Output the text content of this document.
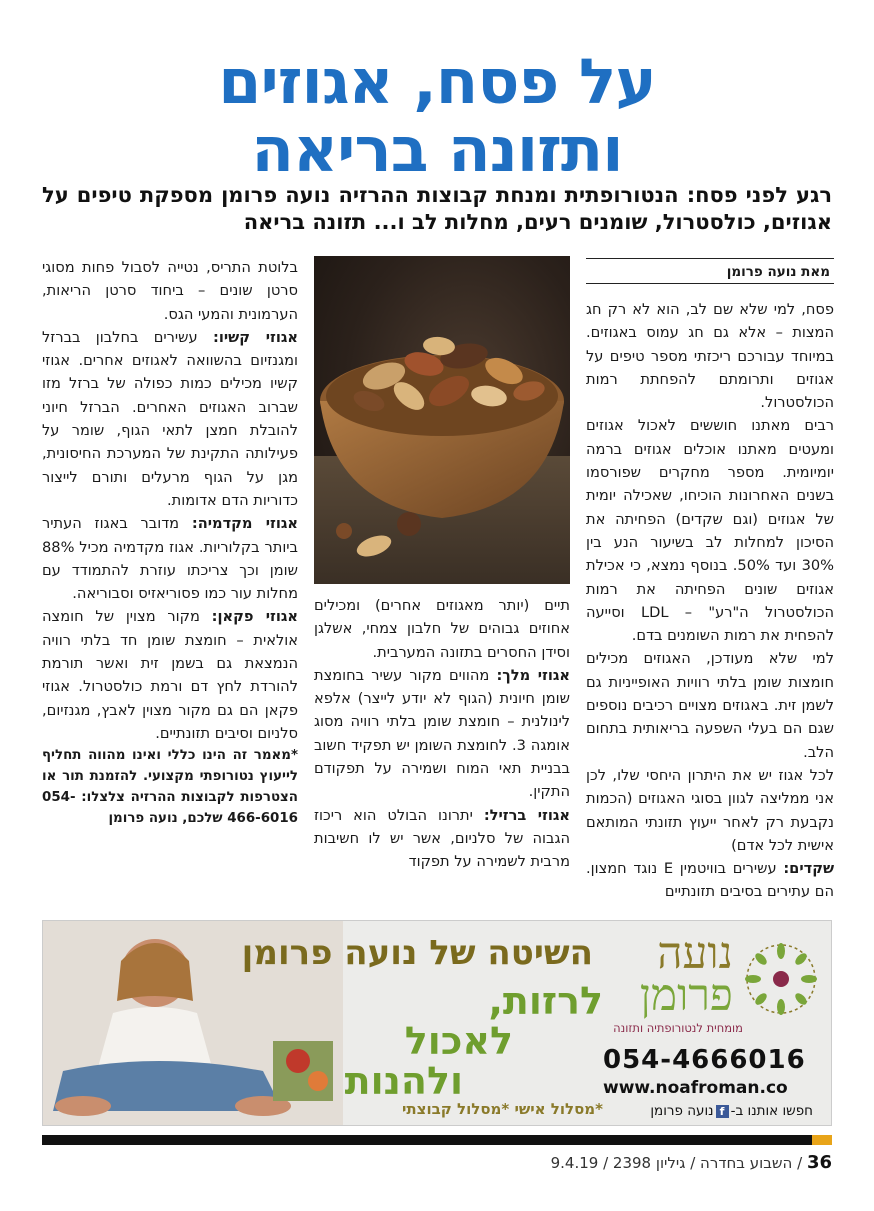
על פסח, אגוזים
ותזונה בריאה
רגע לפני פסח: הנטורופתית ומנחת קבוצות ההרזיה נועה פרומן מספקת טיפים על אגוזים, כולסטרול, שומנים רעים, מחלות לב ו... תזונה בריאה
מאת נועה פרומן

פסח, למי שלא שם לב, הוא לא רק חג המצות – אלא גם חג עמוס באגוזים. במיוחד עבורכם ריכזתי מספר טיפים על אגוזים ותרומתם להפחתת רמות הכולסטרול.

רבים מאתנו חוששים לאכול אגוזים ומעטים מאתנו אוכלים אגוזים ברמה יומיומית. מספר מחקרים שפורסמו בשנים האחרונות הוכיחו, שאכילה יומית של אגוזים (וגם שקדים) הפחיתה את הסיכון למחלות לב בשיעור הנע בין 30% ועד 50%. בנוסף נמצא, כי אכילת אגוזים שונים הפחיתה את רמות הכולסטרול ה"רע" – LDL וסייעה להפחית את רמות השומנים בדם.

למי שלא מעודכן, האגוזים מכילים חומצות שומן בלתי רוויות האופייניות גם לשמן זית. באגוזים מצויים רכיבים נוספים שגם הם בעלי השפעה בריאותית בתחום הלב.

לכל אגוז יש את היתרון היחסי שלו, לכן אני ממליצה לגוון בסוגי האגוזים (הכמות נקבעת רק לאחר ייעוץ תזונתי המותאם אישית לכל אדם)

שקדים: עשירים בוויטמין E נוגד חמצון. הם עתירים בסיבים תזונתיים

תיים (יותר מאגוזים אחרים) ומכילים אחוזים גבוהים של חלבון צמחי, אשלגן וסידן החסרים בתזונה המערבית.

אגוזי מלך: מהווים מקור עשיר בחומצת שומן חיונית (הגוף לא יודע לייצר) אלפא לינולנית – חומצת שומן בלתי רוויה מסוג אומגה 3. לחומצת השומן יש תפקיד חשוב בבניית תאי המוח ושמירה על תפקודם התקין.

אגוזי ברזיל: יתרונו הבולט הוא ריכוז הגבוה של סלניום, אשר יש לו חשיבות מרבית לשמירה על תפקוד

בלוטת התריס, נטייה לסבול פחות מסוגי סרטן שונים – ביחוד סרטן הריאות, הערמונית והמעי הגס.

אגוזי קשיו: עשירים בחלבון בברזל ומגנזיום בהשוואה לאגוזים אחרים. אגוזי קשיו מכילים כמות כפולה של ברזל מזו שברוב האגוזים האחרים. הברזל חיוני להובלת חמצן לתאי הגוף, שומר על פעילותה התקינת של המערכת החיסונית, מגן על הגוף מרעלים ותורם לייצור כדוריות הדם אדומות.

אגוזי מקדמיה: מדובר באגוז העתיר ביותר בקלוריות. אגוז מקדמיה מכיל 88% שומן וכך צריכתו עוזרת להתמודד עם מחלות עור כמו פסוריאזיס וסבוריאה.

אגוזי פקאן: מקור מצוין של חומצה אולאית – חומצת שומן חד בלתי רוויה הנמצאת גם בשמן זית ואשר תורמת להורדת לחץ דם ורמת כולסטרול. אגוזי פקאן הם גם מקור מצוין לאבץ, מגנזיום, סלניום וסיבים תזונתיים.

*מאמר זה הינו כללי ואינו מהווה תחליף לייעוץ נטורופתי מקצועי. להזמנת תור או הצטרפות לקבוצות ההרזיה צלצלו: 054-466-6016 שלכם, נועה פרומן

השיטה של נועה פרומן
לרזות,
לאכול
ולהנות
*מסלול אישי *מסלול קבוצתי
נועה
פרומן
מומחית לנטורופתיה ותזונה
054-4666016
www.noafroman.co
חפשו אותנו ב-fנועה פרומן
36 / השבוע בחדרה / גיליון 2398 / 9.4.19
